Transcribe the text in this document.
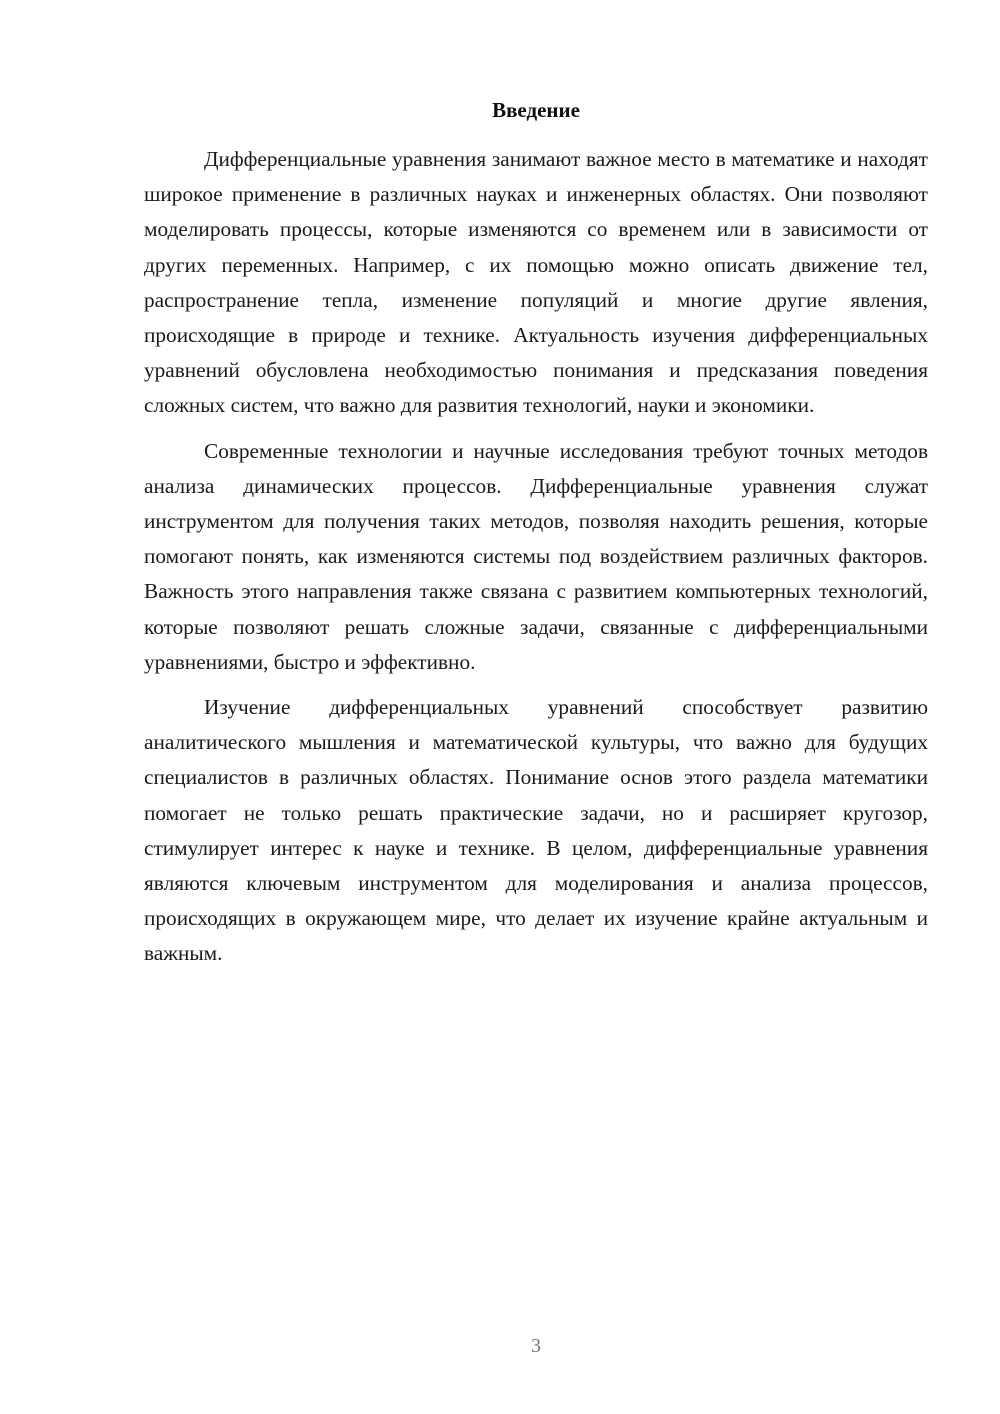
Введение

Дифференциальные уравнения занимают важное место в математике и находят широкое применение в различных науках и инженерных областях. Они позволяют моделировать процессы, которые изменяются со временем или в зависимости от других переменных. Например, с их помощью можно описать движение тел, распространение тепла, изменение популяций и многие другие явления, происходящие в природе и технике. Актуальность изучения дифференциальных уравнений обусловлена необходимостью понимания и предсказания поведения сложных систем, что важно для развития технологий, науки и экономики.

Современные технологии и научные исследования требуют точных методов анализа динамических процессов. Дифференциальные уравнения служат инструментом для получения таких методов, позволяя находить решения, которые помогают понять, как изменяются системы под воздействием различных факторов. Важность этого направления также связана с развитием компьютерных технологий, которые позволяют решать сложные задачи, связанные с дифференциальными уравнениями, быстро и эффективно.

Изучение дифференциальных уравнений способствует развитию аналитического мышления и математической культуры, что важно для будущих специалистов в различных областях. Понимание основ этого раздела математики помогает не только решать практические задачи, но и расширяет кругозор, стимулирует интерес к науке и технике. В целом, дифференциальные уравнения являются ключевым инструментом для моделирования и анализа процессов, происходящих в окружающем мире, что делает их изучение крайне актуальным и важным.

3
